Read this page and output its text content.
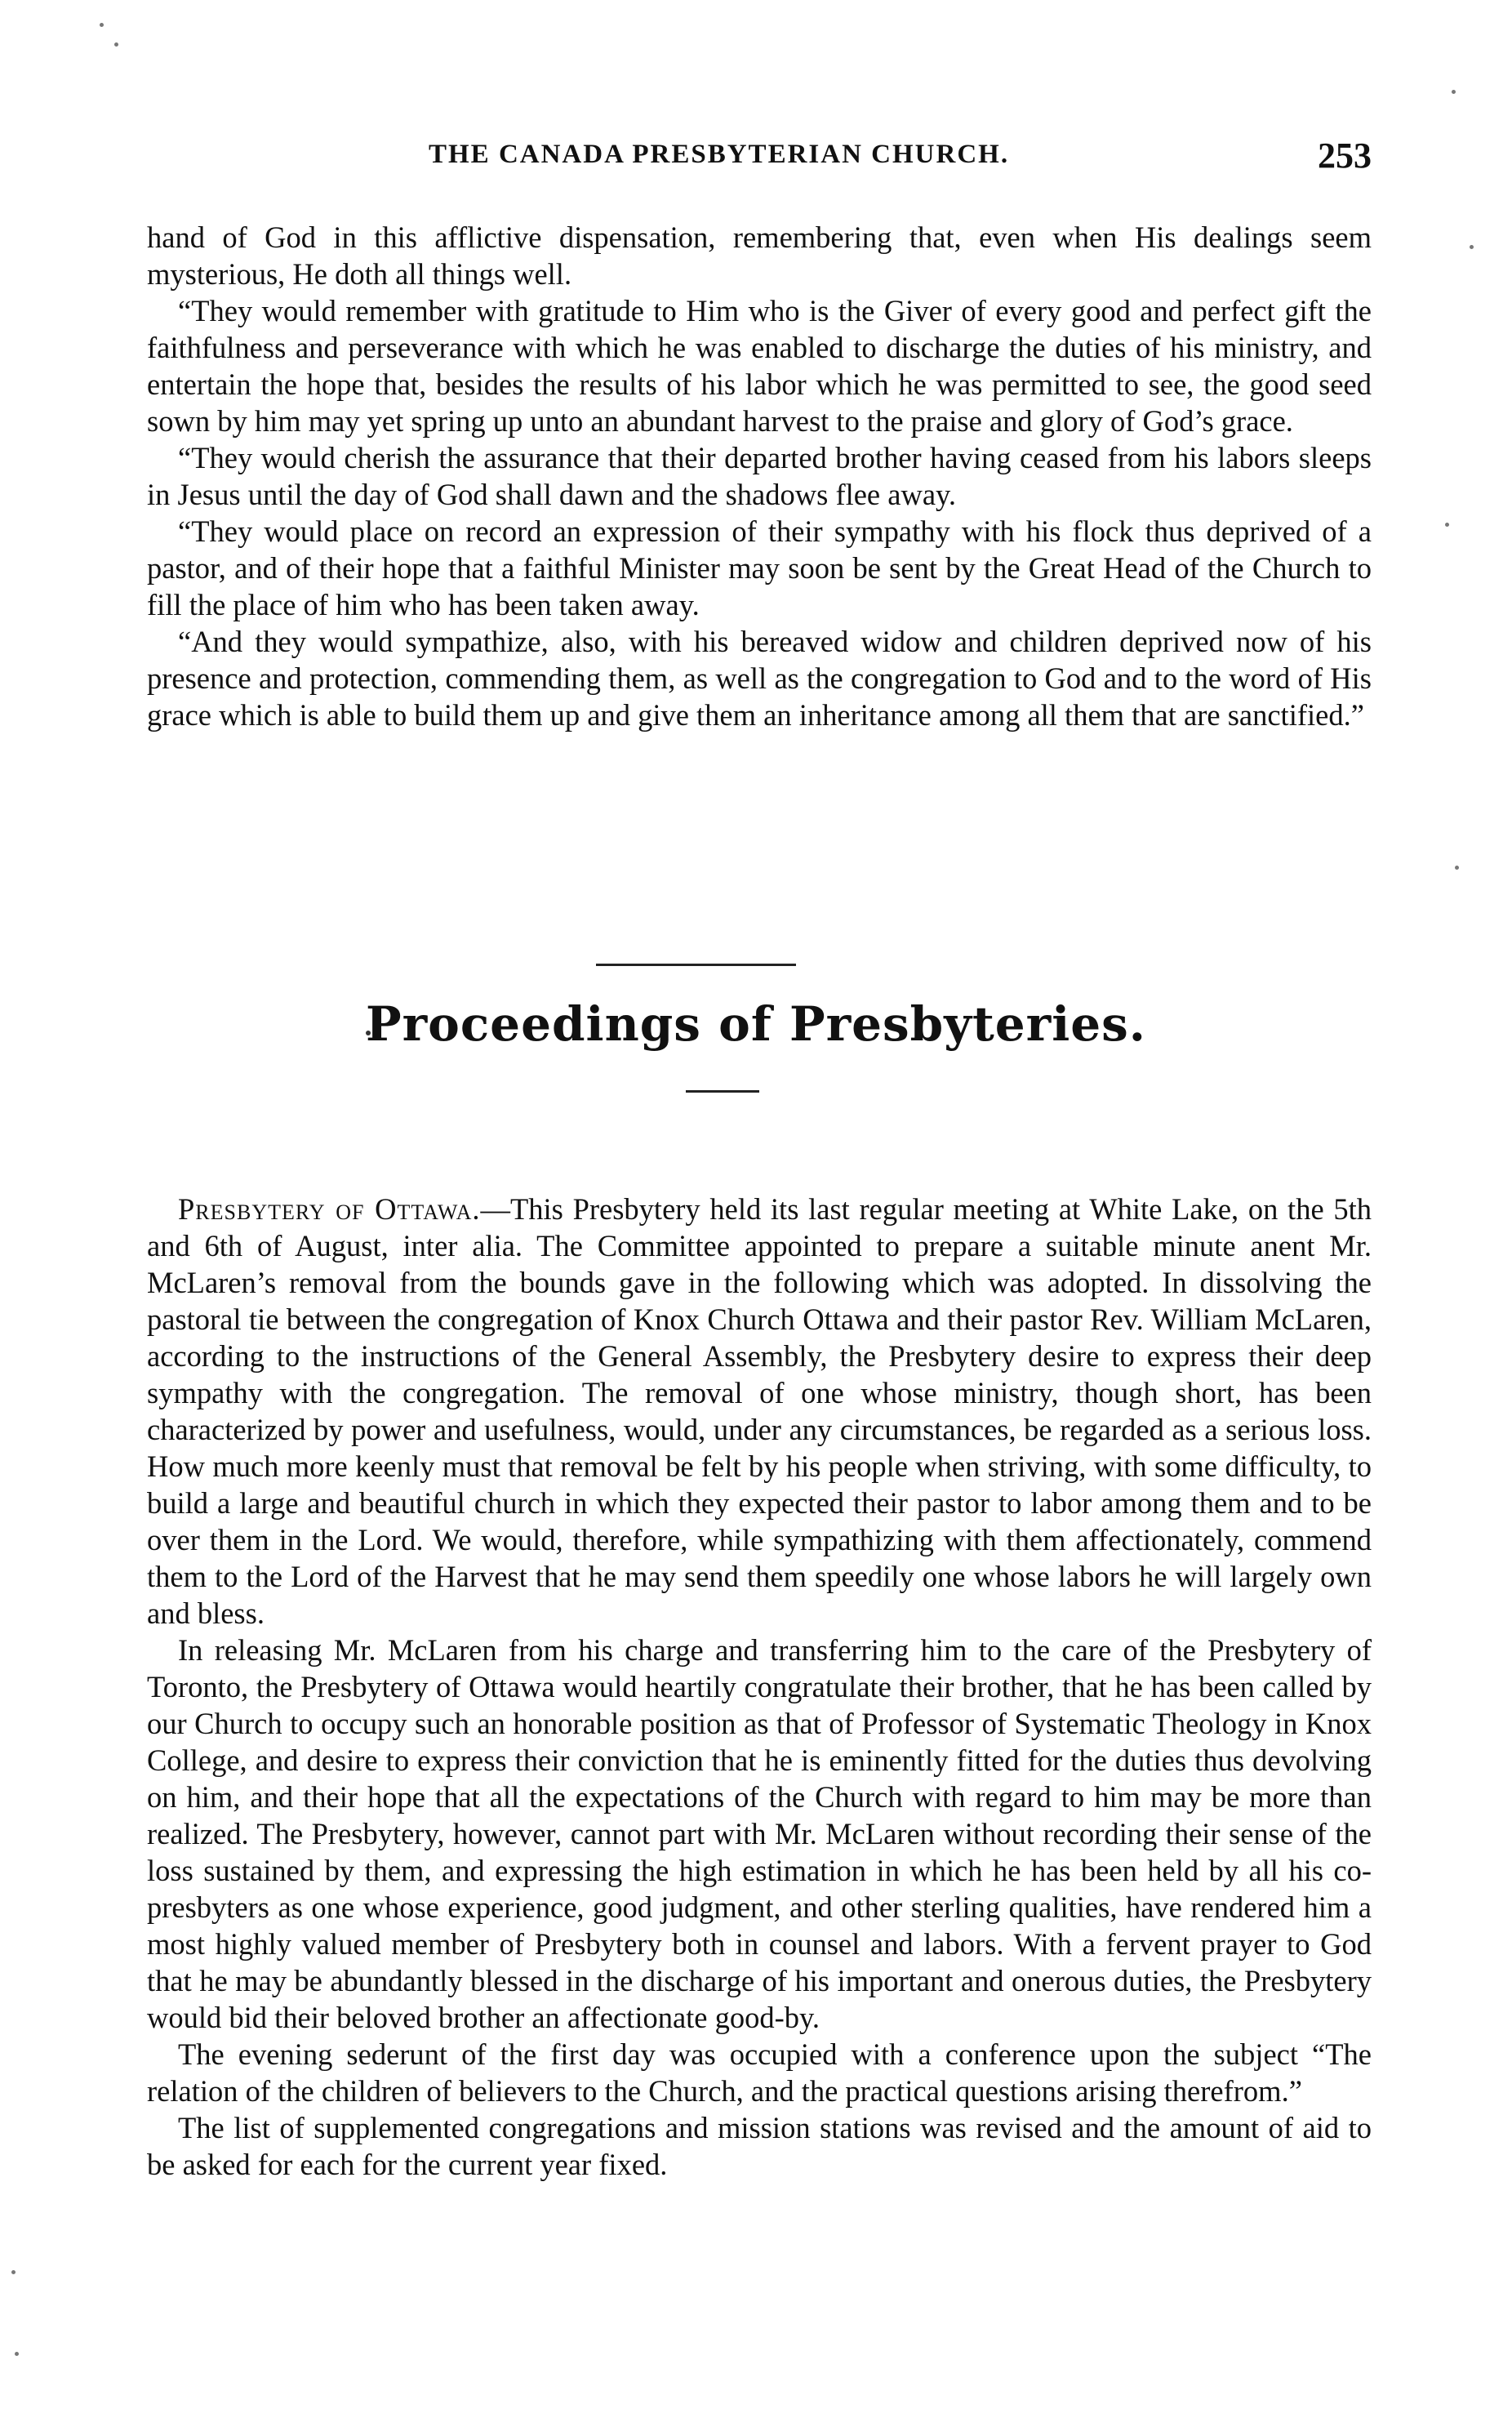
THE CANADA PRESBYTERIAN CHURCH.	253

hand of God in this afflictive dispensation, remembering that, even when His dealings seem mysterious, He doth all things well.

“They would remember with gratitude to Him who is the Giver of every good and perfect gift the faithfulness and perseverance with which he was enabled to discharge the duties of his ministry, and entertain the hope that, besides the results of his labor which he was permitted to see, the good seed sown by him may yet spring up unto an abundant harvest to the praise and glory of God’s grace.

“They would cherish the assurance that their departed brother having ceased from his labors sleeps in Jesus until the day of God shall dawn and the shadows flee away.

“They would place on record an expression of their sympathy with his flock thus deprived of a pastor, and of their hope that a faithful Minister may soon be sent by the Great Head of the Church to fill the place of him who has been taken away.

“And they would sympathize, also, with his bereaved widow and children deprived now of his presence and protection, commending them, as well as the congregation to God and to the word of His grace which is able to build them up and give them an inheritance among all them that are sanctified.”

Proceedings of Presbyteries.

Presbytery of Ottawa.—This Presbytery held its last regular meeting at White Lake, on the 5th and 6th of August, inter alia. The Committee appointed to prepare a suitable minute anent Mr. McLaren’s removal from the bounds gave in the following which was adopted. In dissolving the pastoral tie between the congregation of Knox Church Ottawa and their pastor Rev. William McLaren, according to the instructions of the General Assembly, the Presbytery desire to express their deep sympathy with the congregation. The removal of one whose ministry, though short, has been characterized by power and usefulness, would, under any circumstances, be regarded as a serious loss. How much more keenly must that removal be felt by his people when striving, with some difficulty, to build a large and beautiful church in which they expected their pastor to labor among them and to be over them in the Lord. We would, therefore, while sympathizing with them affectionately, commend them to the Lord of the Harvest that he may send them speedily one whose labors he will largely own and bless.

In releasing Mr. McLaren from his charge and transferring him to the care of the Presbytery of Toronto, the Presbytery of Ottawa would heartily congratulate their brother, that he has been called by our Church to occupy such an honorable position as that of Professor of Systematic Theology in Knox College, and desire to express their conviction that he is eminently fitted for the duties thus devolving on him, and their hope that all the expectations of the Church with regard to him may be more than realized. The Presbytery, however, cannot part with Mr. McLaren without recording their sense of the loss sustained by them, and expressing the high estimation in which he has been held by all his co-presbyters as one whose experience, good judgment, and other sterling qualities, have rendered him a most highly valued member of Presbytery both in counsel and labors. With a fervent prayer to God that he may be abundantly blessed in the discharge of his important and onerous duties, the Presbytery would bid their beloved brother an affectionate good-by.

The evening sederunt of the first day was occupied with a conference upon the subject “The relation of the children of believers to the Church, and the practical questions arising therefrom.”

The list of supplemented congregations and mission stations was revised and the amount of aid to be asked for each for the current year fixed.
